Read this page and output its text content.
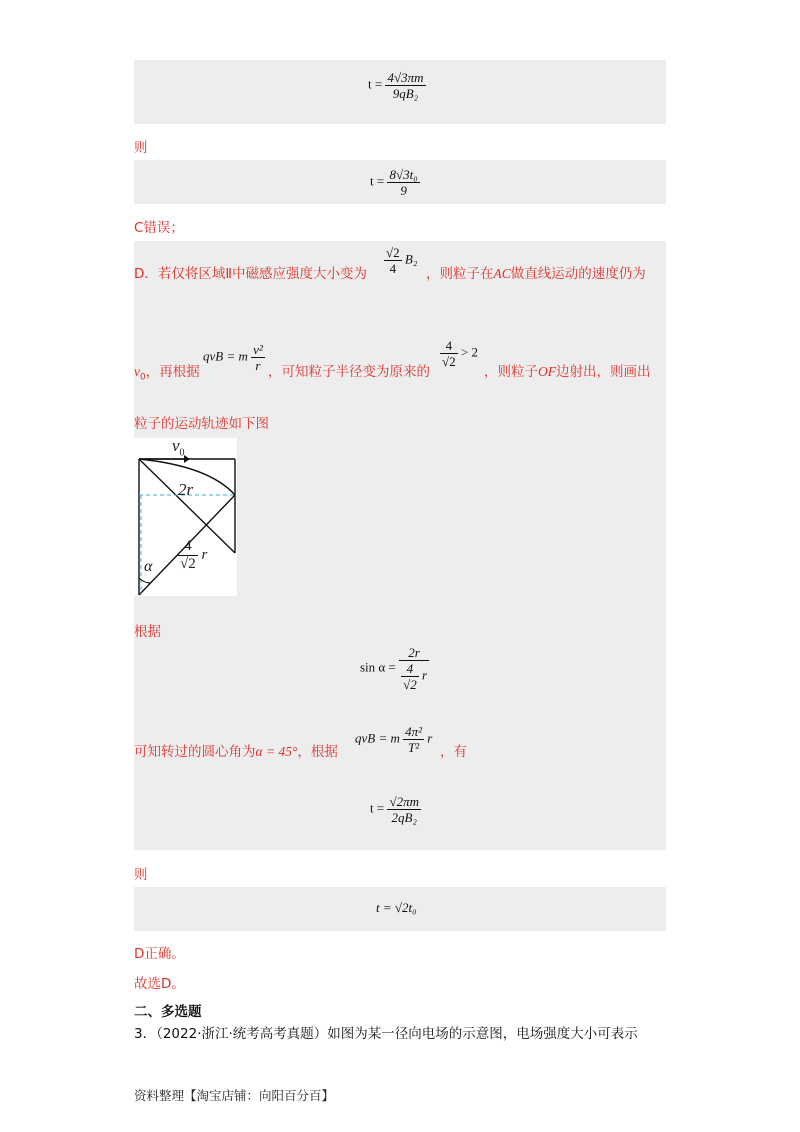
$t = \frac{4√3\pi m}{\text{9qB₂}}$
则
$t = \frac{\text{8√3t₀}}{9}$
C错误；
D．若仅将区域Ⅱ中磁感应强度大小变为 $\frac{√2}{4} B_2$
，则粒子在AC做直线运动的速度仍为
$v_0$，再根据
qvB = m $\frac{\text{v²}}{r}$ ，可知粒子半径变为原来的
$\frac{4}{√2} > 2$
，则粒子OF边射出，则画出
粒子的运动轨迹如下图
$v_0$
2r
$\frac{4}{√2}$ r
α
根据
$\sin \alpha = \frac{2r}{\frac{4}{√2} r}$
可知转过的圆心角为α = 45°，根据
qvB = m $\frac{\text{4π²}}{\text{T²}}$ r
，有
$t = \frac{√2\pi m}{\text{2qB₂}}$
则
t = √2t₀
D正确。
故选D。
二、多选题
3．（2022·浙江·统考高考真题）如图为某一径向电场的示意图，电场强度大小可表示
资料整理【淘宝店铺：向阳百分百】
